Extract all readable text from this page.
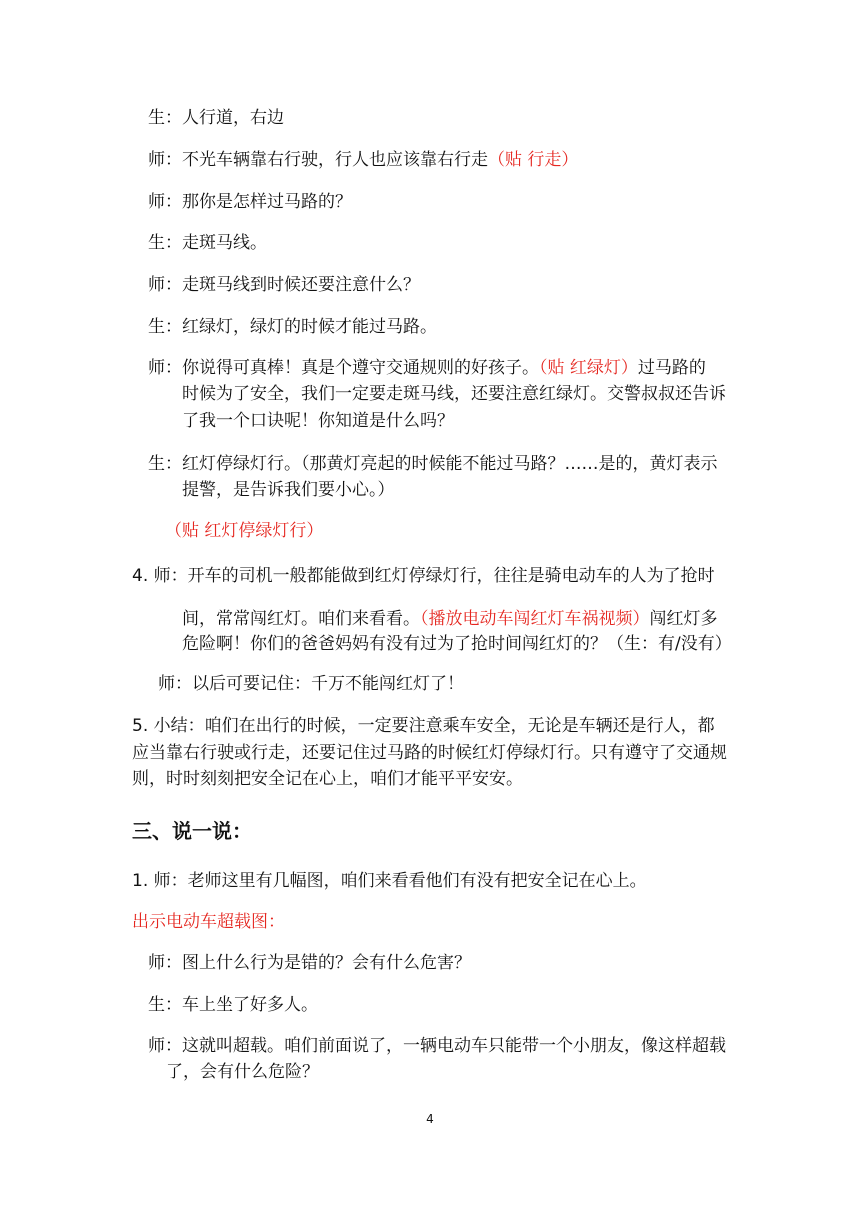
生：人行道，右边
师：不光车辆靠右行驶，行人也应该靠右行走（贴 行走）
师：那你是怎样过马路的？
生：走斑马线。
师：走斑马线到时候还要注意什么？
生：红绿灯，绿灯的时候才能过马路。
师：你说得可真棒！真是个遵守交通规则的好孩子。（贴 红绿灯）过马路的
时候为了安全，我们一定要走斑马线，还要注意红绿灯。交警叔叔还告诉
了我一个口诀呢！你知道是什么吗？
生：红灯停绿灯行。（那黄灯亮起的时候能不能过马路？……是的，黄灯表示
提警，是告诉我们要小心。）
（贴 红灯停绿灯行）
4. 师：开车的司机一般都能做到红灯停绿灯行，往往是骑电动车的人为了抢时
间，常常闯红灯。咱们来看看。（播放电动车闯红灯车祸视频）闯红灯多
危险啊！你们的爸爸妈妈有没有过为了抢时间闯红灯的？（生：有/没有）
师：以后可要记住：千万不能闯红灯了！
5. 小结：咱们在出行的时候，一定要注意乘车安全，无论是车辆还是行人，都
应当靠右行驶或行走，还要记住过马路的时候红灯停绿灯行。只有遵守了交通规
则，时时刻刻把安全记在心上，咱们才能平平安安。
三、说一说：
1. 师：老师这里有几幅图，咱们来看看他们有没有把安全记在心上。
出示电动车超载图：
师：图上什么行为是错的？会有什么危害？
生：车上坐了好多人。
师：这就叫超载。咱们前面说了，一辆电动车只能带一个小朋友，像这样超载
了，会有什么危险？
4
